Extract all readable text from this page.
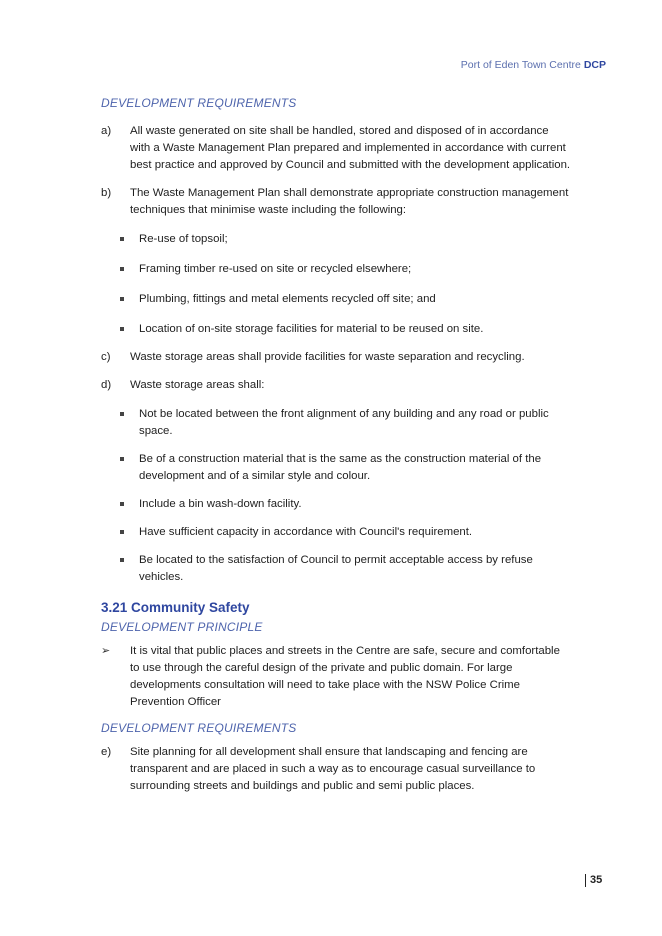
Port of Eden Town Centre DCP

DEVELOPMENT REQUIREMENTS

a) All waste generated on site shall be handled, stored and disposed of in accordance with a Waste Management Plan prepared and implemented in accordance with current best practice and approved by Council and submitted with the development application.
b) The Waste Management Plan shall demonstrate appropriate construction management techniques that minimise waste including the following:
Re-use of topsoil;
Framing timber re-used on site or recycled elsewhere;
Plumbing, fittings and metal elements recycled off site; and
Location of on-site storage facilities for material to be reused on site.
c) Waste storage areas shall provide facilities for waste separation and recycling.
d) Waste storage areas shall:
Not be located between the front alignment of any building and any road or public space.
Be of a construction material that is the same as the construction material of the development and of a similar style and colour.
Include a bin wash-down facility.
Have sufficient capacity in accordance with Council's requirement.
Be located to the satisfaction of Council to permit acceptable access by refuse vehicles.

3.21 Community Safety

DEVELOPMENT PRINCIPLE

➢ It is vital that public places and streets in the Centre are safe, secure and comfortable to use through the careful design of the private and public domain. For large developments consultation will need to take place with the NSW Police Crime Prevention Officer

DEVELOPMENT REQUIREMENTS

e) Site planning for all development shall ensure that landscaping and fencing are transparent and are placed in such a way as to encourage casual surveillance to surrounding streets and buildings and public and semi public places.
35
